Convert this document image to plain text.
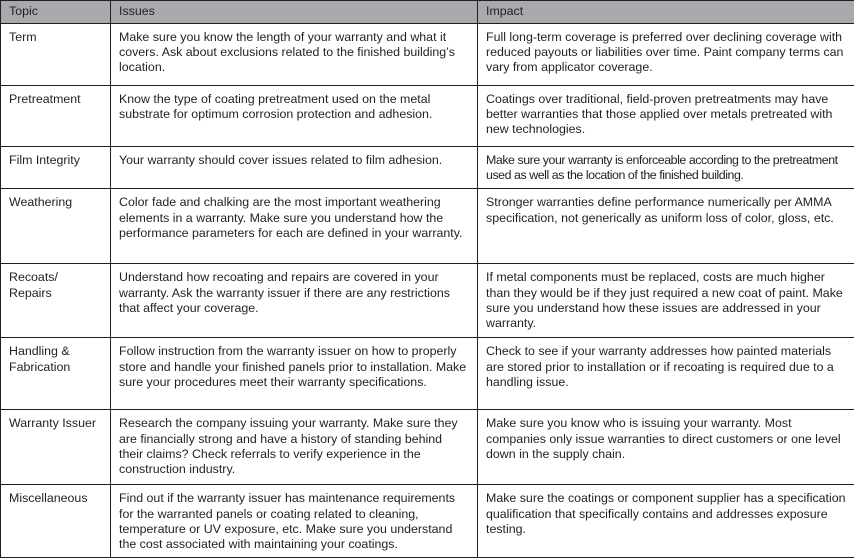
Topic	Issues	Impact
Term	Make sure you know the length of your warranty and what it covers. Ask about exclusions related to the finished building’s location.	Full long-term coverage is preferred over declining coverage with reduced payouts or liabilities over time. Paint company terms can vary from applicator coverage.
Pretreatment	Know the type of coating pretreatment used on the metal substrate for optimum corrosion protection and adhesion.	Coatings over traditional, field-proven pretreatments may have better warranties that those applied over metals pretreated with new technologies.
Film Integrity	Your warranty should cover issues related to film adhesion.	Make sure your warranty is enforceable according to the pretreatment used as well as the location of the finished building.
Weathering	Color fade and chalking are the most important weathering elements in a warranty. Make sure you understand how the performance parameters for each are defined in your warranty.	Stronger warranties define performance numerically per AMMA specification, not generically as uniform loss of color, gloss, etc.
Recoats/ Repairs	Understand how recoating and repairs are covered in your warranty. Ask the warranty issuer if there are any restrictions that affect your coverage.	If metal components must be replaced, costs are much higher than they would be if they just required a new coat of paint. Make sure you understand how these issues are addressed in your warranty.
Handling & Fabrication	Follow instruction from the warranty issuer on how to properly store and handle your finished panels prior to installation. Make sure your procedures meet their warranty specifications.	Check to see if your warranty addresses how painted materials are stored prior to installation or if recoating is required due to a handling issue.
Warranty Issuer	Research the company issuing your warranty. Make sure they are financially strong and have a history of standing behind their claims? Check referrals to verify experience in the construction industry.	Make sure you know who is issuing your warranty. Most companies only issue warranties to direct customers or one level down in the supply chain.
Miscellaneous	Find out if the warranty issuer has maintenance requirements for the warranted panels or coating related to cleaning, temperature or UV exposure, etc. Make sure you understand the cost associated with maintaining your coatings.	Make sure the coatings or component supplier has a specification qualification that specifically contains and addresses exposure testing.
